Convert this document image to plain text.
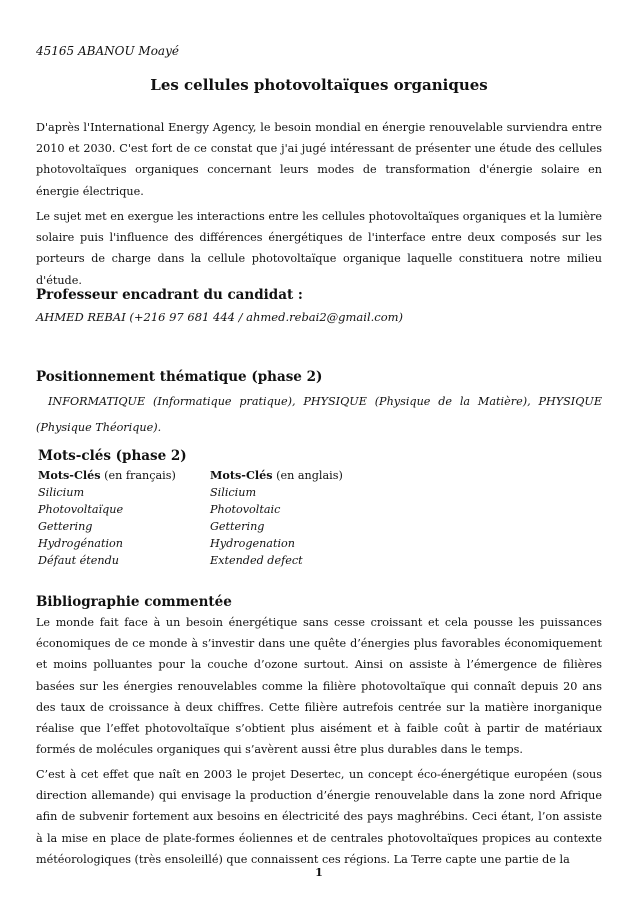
45165 ABANOU Moayé
Les cellules photovoltaïques organiques

D'après l'International Energy Agency, le besoin mondial en énergie renouvelable surviendra entre 2010 et 2030. C'est fort de ce constat que j'ai jugé intéressant de présenter une étude des cellules photovoltaïques organiques concernant leurs modes de transformation d'énergie solaire en énergie électrique.

Le sujet met en exergue les interactions entre les cellules photovoltaïques organiques et la lumière solaire puis l'influence des différences énergétiques de l'interface entre deux composés sur les porteurs de charge dans la cellule photovoltaïque organique laquelle constituera notre milieu d'étude.

Professeur encadrant du candidat :
AHMED REBAI (+216 97 681 444 / ahmed.rebai2@gmail.com)
Positionnement thématique (phase 2)

INFORMATIQUE (Informatique pratique), PHYSIQUE (Physique de la Matière), PHYSIQUE (Physique Théorique).

Mots-clés (phase 2)
Mots-Clés (en français)	Mots-Clés (en anglais)
Silicium	Silicium
Photovoltaïque	Photovoltaic
Gettering	Gettering
Hydrogénation	Hydrogenation
Défaut étendu	Extended defect
Bibliographie commentée

Le monde fait face à un besoin énergétique sans cesse croissant et cela pousse les puissances économiques de ce monde à s’investir dans une quête d’énergies plus favorables économiquement et moins polluantes pour la couche d’ozone surtout. Ainsi on assiste à l’émergence de filières basées sur les énergies renouvelables comme la filière photovoltaïque qui connaît depuis 20 ans des taux de croissance à deux chiffres. Cette filière autrefois centrée sur la matière inorganique réalise que l’effet photovoltaïque s’obtient plus aisément et à faible coût à partir de matériaux formés de molécules organiques qui s’avèrent aussi être plus durables dans le temps.

C’est à cet effet que naît en 2003 le projet Desertec, un concept éco-énergétique européen (sous direction allemande) qui envisage la production d’énergie renouvelable dans la zone nord Afrique afin de subvenir fortement aux besoins en électricité des pays maghrébins. Ceci étant, l’on assiste à la mise en place de plate-formes éoliennes et de centrales photovoltaïques propices au contexte météorologiques (très ensoleillé) que connaissent ces régions. La Terre capte une partie de la

1
